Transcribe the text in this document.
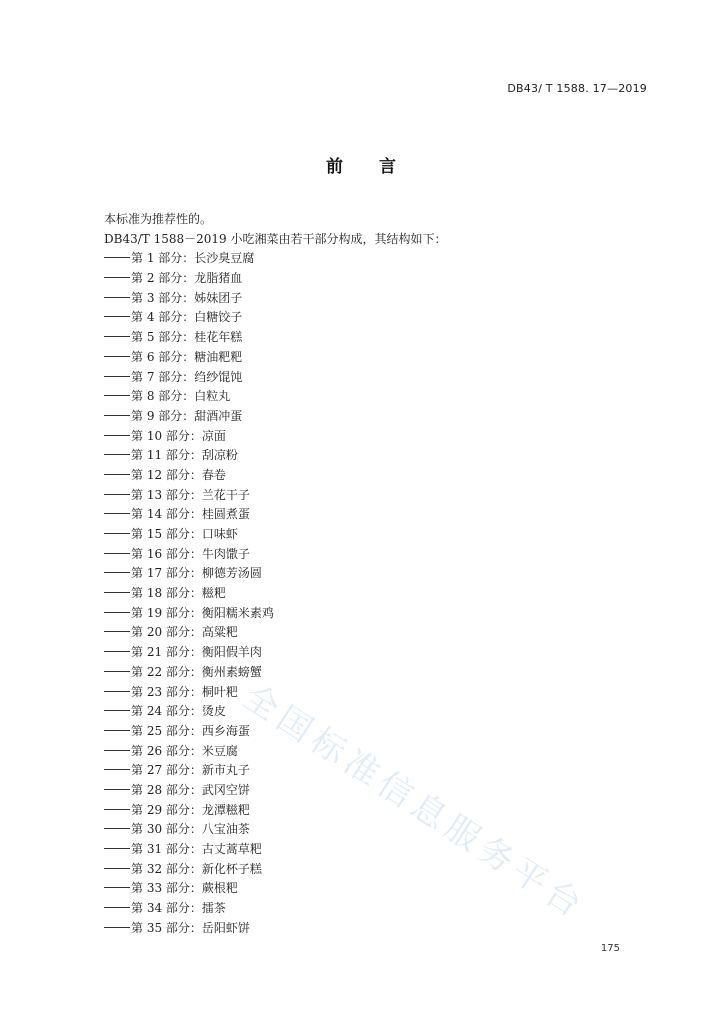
DB43/ T 1588. 17—2019
前 言
全国标准信息服务平台
本标准为推荐性的。
DB43/T 1588－2019 小吃湘菜由若干部分构成，其结构如下：
第 1 部分：长沙臭豆腐
第 2 部分：龙脂猪血
第 3 部分：姊妹团子
第 4 部分：白糖饺子
第 5 部分：桂花年糕
第 6 部分：糖油粑粑
第 7 部分：绉纱馄饨
第 8 部分：白粒丸
第 9 部分：甜酒冲蛋
第 10 部分：凉面
第 11 部分：刮凉粉
第 12 部分：春卷
第 13 部分：兰花干子
第 14 部分：桂圆煮蛋
第 15 部分：口味虾
第 16 部分：牛肉馓子
第 17 部分：柳德芳汤圆
第 18 部分：糍粑
第 19 部分：衡阳糯米素鸡
第 20 部分：高粱粑
第 21 部分：衡阳假羊肉
第 22 部分：衡州素螃蟹
第 23 部分：桐叶粑
第 24 部分：烫皮
第 25 部分：西乡海蛋
第 26 部分：米豆腐
第 27 部分：新市丸子
第 28 部分：武冈空饼
第 29 部分：龙潭糍粑
第 30 部分：八宝油茶
第 31 部分：古丈蒿草粑
第 32 部分：新化杯子糕
第 33 部分：蕨根粑
第 34 部分：擂茶
第 35 部分：岳阳虾饼
175
